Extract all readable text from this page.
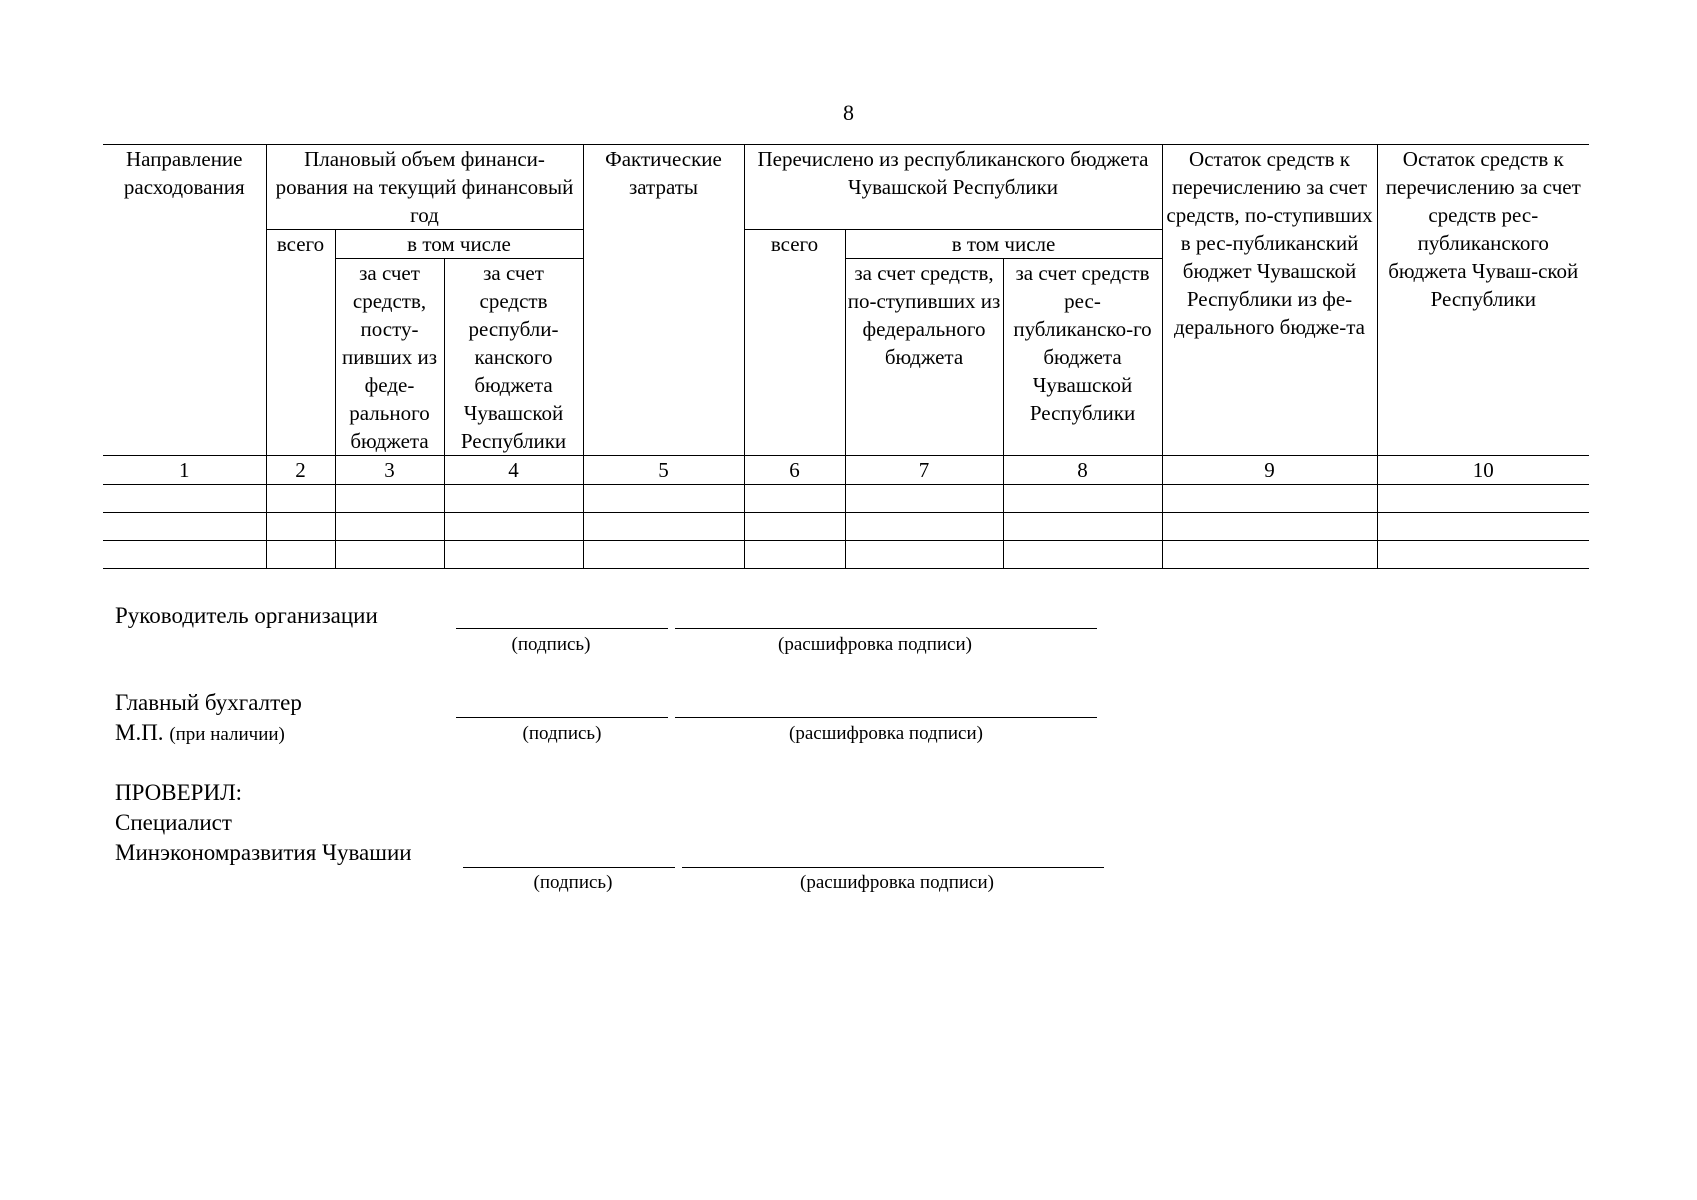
8
Направление расходования	Плановый объем финанси-рования на текущий финансовый год			Фактические затраты	Перечислено из республиканского бюджета Чувашской Республики			Остаток средств к перечислению за счет средств, по-ступивших в рес-публиканский бюджет Чувашской Республики из фе-дерального бюдже-та	Остаток средств к перечислению за счет средств рес-публиканского бюджета Чуваш-ской Республики
	всего	в том числе			всего	в том числе			
		за счет средств, посту-пивших из феде-рального бюджета	за счет средств республи-канского бюджета Чувашской Республики			за счет средств, по-ступивших из федерального бюджета	за счет средств рес-публиканско-го бюджета Чувашской Республики		
1	2	3	4	5	6	7	8	9	10

Руководитель организации
(подпись)	(расшифровка подписи)
Главный бухгалтер
М.П. (при наличии)	(подпись)	(расшифровка подписи)
ПРОВЕРИЛ:
Специалист
Минэкономразвития Чувашии
(подпись)	(расшифровка подписи)
